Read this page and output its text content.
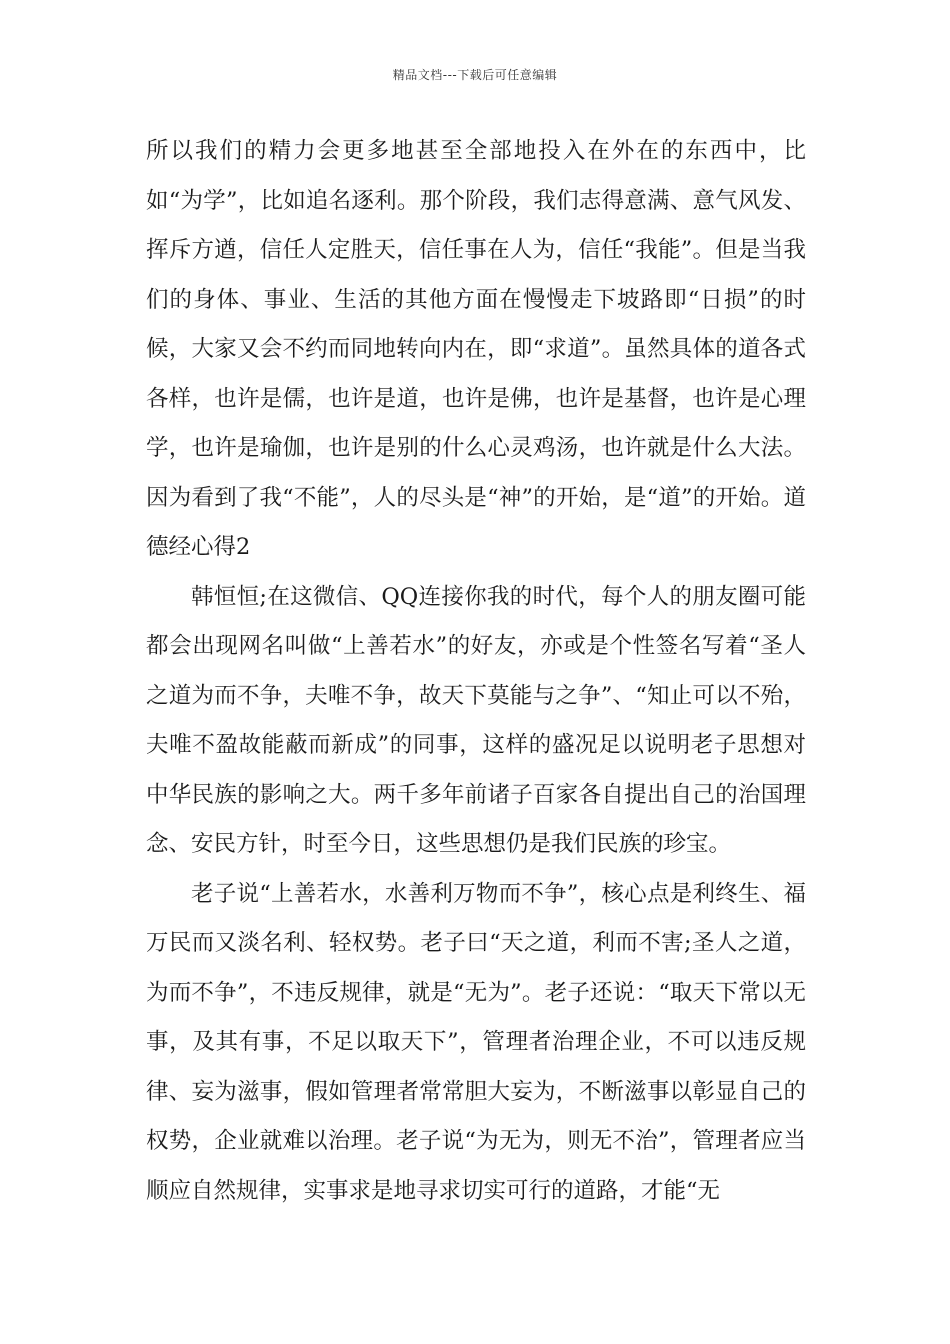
精品文档---下载后可任意编辑

所以我们的精力会更多地甚至全部地投入在外在的东西中，比如“为学”，比如追名逐利。那个阶段，我们志得意满、意气风发、挥斥方遒，信任人定胜天，信任事在人为，信任“我能”。但是当我们的身体、事业、生活的其他方面在慢慢走下坡路即“日损”的时候，大家又会不约而同地转向内在，即“求道”。虽然具体的道各式各样，也许是儒，也许是道，也许是佛，也许是基督，也许是心理学，也许是瑜伽，也许是别的什么心灵鸡汤，也许就是什么大法。因为看到了我“不能”，人的尽头是“神”的开始，是“道”的开始。道德经心得2

韩恒恒;在这微信、QQ连接你我的时代，每个人的朋友圈可能都会出现网名叫做“上善若水”的好友，亦或是个性签名写着“圣人之道为而不争，夫唯不争，故天下莫能与之争”、“知止可以不殆，夫唯不盈故能蔽而新成”的同事，这样的盛况足以说明老子思想对中华民族的影响之大。两千多年前诸子百家各自提出自己的治国理念、安民方针，时至今日，这些思想仍是我们民族的珍宝。

老子说“上善若水，水善利万物而不争”，核心点是利终生、福万民而又淡名利、轻权势。老子曰“天之道，利而不害;圣人之道，为而不争”，不违反规律，就是“无为”。老子还说：“取天下常以无事，及其有事，不足以取天下”，管理者治理企业，不可以违反规律、妄为滋事，假如管理者常常胆大妄为，不断滋事以彰显自己的权势，企业就难以治理。老子说“为无为，则无不治”，管理者应当顺应自然规律，实事求是地寻求切实可行的道路，才能“无
